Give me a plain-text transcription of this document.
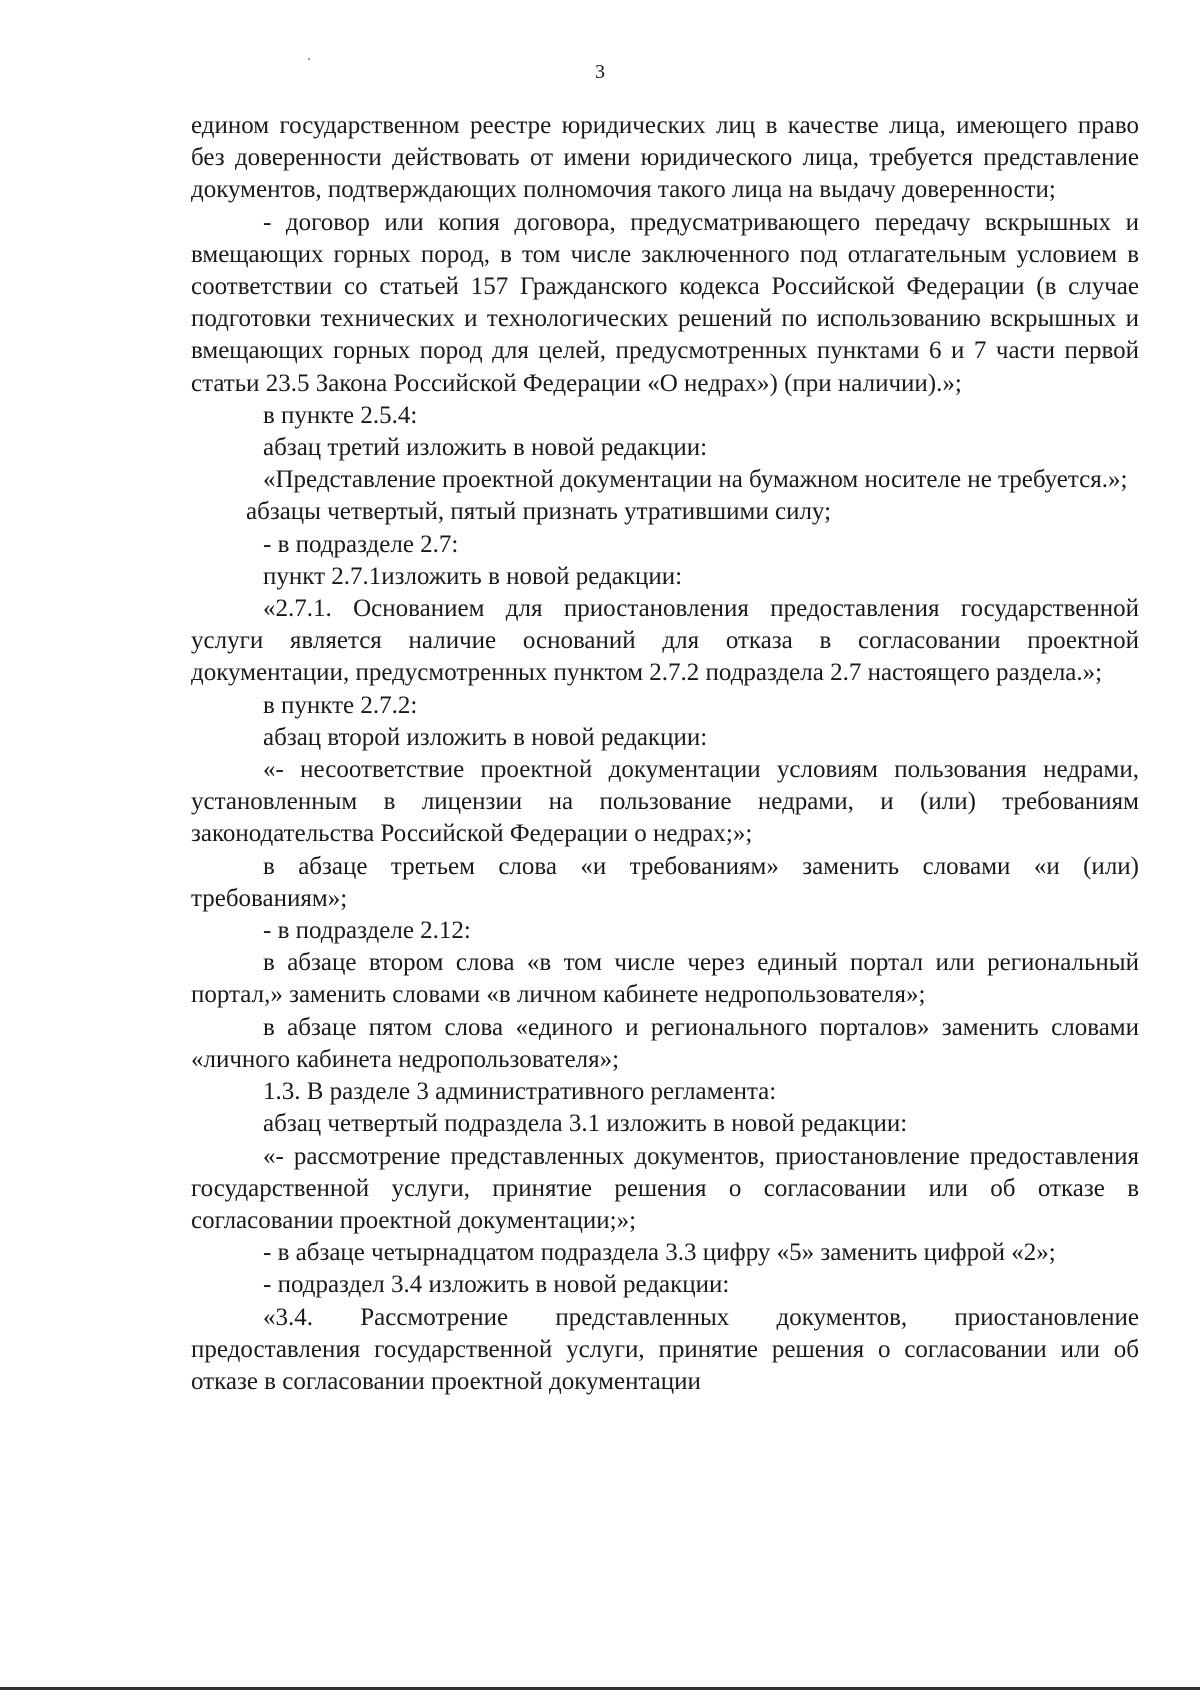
3

едином государственном реестре юридических лиц в качестве лица, имеющего право без доверенности действовать от имени юридического лица, требуется представление документов, подтверждающих полномочия такого лица на выдачу доверенности;

- договор или копия договора, предусматривающего передачу вскрышных и вмещающих горных пород, в том числе заключенного под отлагательным условием в соответствии со статьей 157 Гражданского кодекса Российской Федерации (в случае подготовки технических и технологических решений по использованию вскрышных и вмещающих горных пород для целей, предусмотренных пунктами 6 и 7 части первой статьи 23.5 Закона Российской Федерации «О недрах») (при наличии).»;

в пункте 2.5.4:

абзац третий изложить в новой редакции:

«Представление проектной документации на бумажном носителе не требуется.»;

абзацы четвертый, пятый признать утратившими силу;

- в подразделе 2.7:

пункт 2.7.1изложить в новой редакции:

«2.7.1. Основанием для приостановления предоставления государственной услуги является наличие оснований для отказа в согласовании проектной документации, предусмотренных пунктом 2.7.2 подраздела 2.7 настоящего раздела.»;

в пункте 2.7.2:

абзац второй изложить в новой редакции:

«- несоответствие проектной документации условиям пользования недрами, установленным в лицензии на пользование недрами, и (или) требованиям законодательства Российской Федерации о недрах;»;

в абзаце третьем слова «и требованиям» заменить словами «и (или) требованиям»;

- в подразделе 2.12:

в абзаце втором слова «в том числе через единый портал или региональный портал,» заменить словами «в личном кабинете недропользователя»;

в абзаце пятом слова «единого и регионального порталов» заменить словами «личного кабинета недропользователя»;

1.3. В разделе 3 административного регламента:

абзац четвертый подраздела 3.1 изложить в новой редакции:

«- рассмотрение представленных документов, приостановление предоставления государственной услуги, принятие решения о согласовании или об отказе в согласовании проектной документации;»;

- в абзаце четырнадцатом подраздела 3.3 цифру «5» заменить цифрой «2»;

- подраздел 3.4 изложить в новой редакции:

«3.4. Рассмотрение представленных документов, приостановление предоставления государственной услуги, принятие решения о согласовании или об отказе в согласовании проектной документации
